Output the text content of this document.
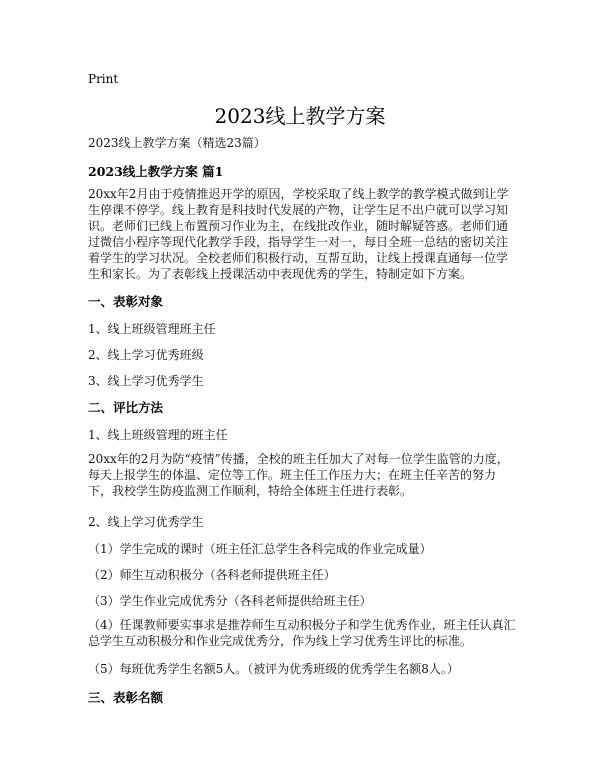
Print
2023线上教学方案
2023线上教学方案（精选23篇）
2023线上教学方案 篇1
20xx年2月由于疫情推迟开学的原因，学校采取了线上教学的教学模式做到让学生停课不停学。线上教育是科技时代发展的产物，让学生足不出户就可以学习知识。老师们已线上布置预习作业为主，在线批改作业，随时解疑答惑。老师们通过微信小程序等现代化教学手段，指导学生一对一，每日全班一总结的密切关注着学生的学习状况。全校老师们积极行动，互帮互助，让线上授课直通每一位学生和家长。为了表彰线上授课活动中表现优秀的学生，特制定如下方案。
一、表彰对象
1、线上班级管理班主任
2、线上学习优秀班级
3、线上学习优秀学生
二、评比方法
1、线上班级管理的班主任
20xx年的2月为防“疫情”传播，全校的班主任加大了对每一位学生监管的力度，每天上报学生的体温、定位等工作。班主任工作压力大；在班主任辛苦的努力下，我校学生防疫监测工作顺利，特给全体班主任进行表彰。
2、线上学习优秀学生
（1）学生完成的课时（班主任汇总学生各科完成的作业完成量）
（2）师生互动积极分（各科老师提供班主任）
（3）学生作业完成优秀分（各科老师提供给班主任）
（4）任课教师要实事求是推荐师生互动积极分子和学生优秀作业，班主任认真汇总学生互动积极分和作业完成优秀分，作为线上学习优秀生评比的标准。
（5）每班优秀学生名额5人。（被评为优秀班级的优秀学生名额8人。）
三、表彰名额
